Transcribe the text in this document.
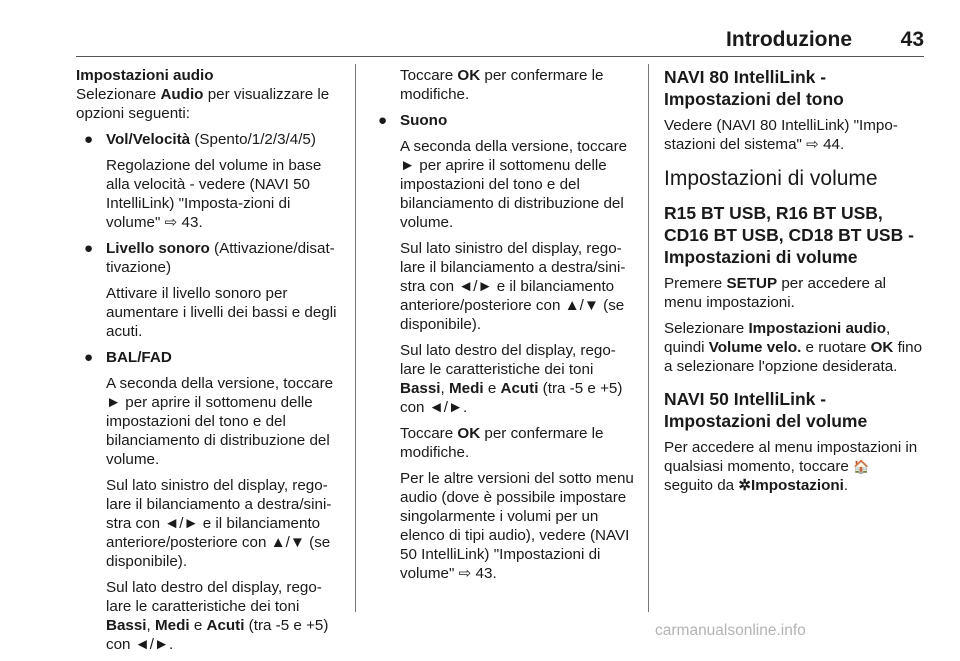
Introduzione 43
Impostazioni audio

Selezionare Audio per visualizzare le opzioni seguenti:

● Vol/Velocità (Spento/1/2/3/4/5)

Regolazione del volume in base alla velocità - vedere (NAVI 50 IntelliLink) "Imposta-zioni di volume" ⇨ 43.

● Livello sonoro (Attivazione/disat-tivazione)

Attivare il livello sonoro per aumentare i livelli dei bassi e degli acuti.

● BAL/FAD

A seconda della versione, toccare ► per aprire il sottomenu delle impostazioni del tono e del bilanciamento di distribuzione del volume.

Sul lato sinistro del display, rego-lare il bilanciamento a destra/sini-stra con ◄/► e il bilanciamento anteriore/posteriore con ▲/▼ (se disponibile).

Sul lato destro del display, rego-lare le caratteristiche dei toni Bassi, Medi e Acuti (tra -5 e +5) con ◄/►.

Toccare OK per confermare le modifiche.

● Suono

A seconda della versione, toccare ► per aprire il sottomenu delle impostazioni del tono e del bilanciamento di distribuzione del volume.

Sul lato sinistro del display, rego-lare il bilanciamento a destra/sini-stra con ◄/► e il bilanciamento anteriore/posteriore con ▲/▼ (se disponibile).

Sul lato destro del display, rego-lare le caratteristiche dei toni Bassi, Medi e Acuti (tra -5 e +5) con ◄/►.

Toccare OK per confermare le modifiche.

Per le altre versioni del sotto menu audio (dove è possibile impostare singolarmente i volumi per un elenco di tipi audio), vedere (NAVI 50 IntelliLink) "Impostazioni di volume" ⇨ 43.

NAVI 80 IntelliLink - Impostazioni del tono

Vedere (NAVI 80 IntelliLink) "Impo-stazioni del sistema" ⇨ 44.

Impostazioni di volume
R15 BT USB, R16 BT USB, CD16 BT USB, CD18 BT USB - Impostazioni di volume

Premere SETUP per accedere al menu impostazioni.

Selezionare Impostazioni audio, quindi Volume velo. e ruotare OK fino a selezionare l'opzione desiderata.

NAVI 50 IntelliLink - Impostazioni del volume

Per accedere al menu impostazioni in qualsiasi momento, toccare 🏠
seguito da ✲Impostazioni.

carmanualsonline.info
